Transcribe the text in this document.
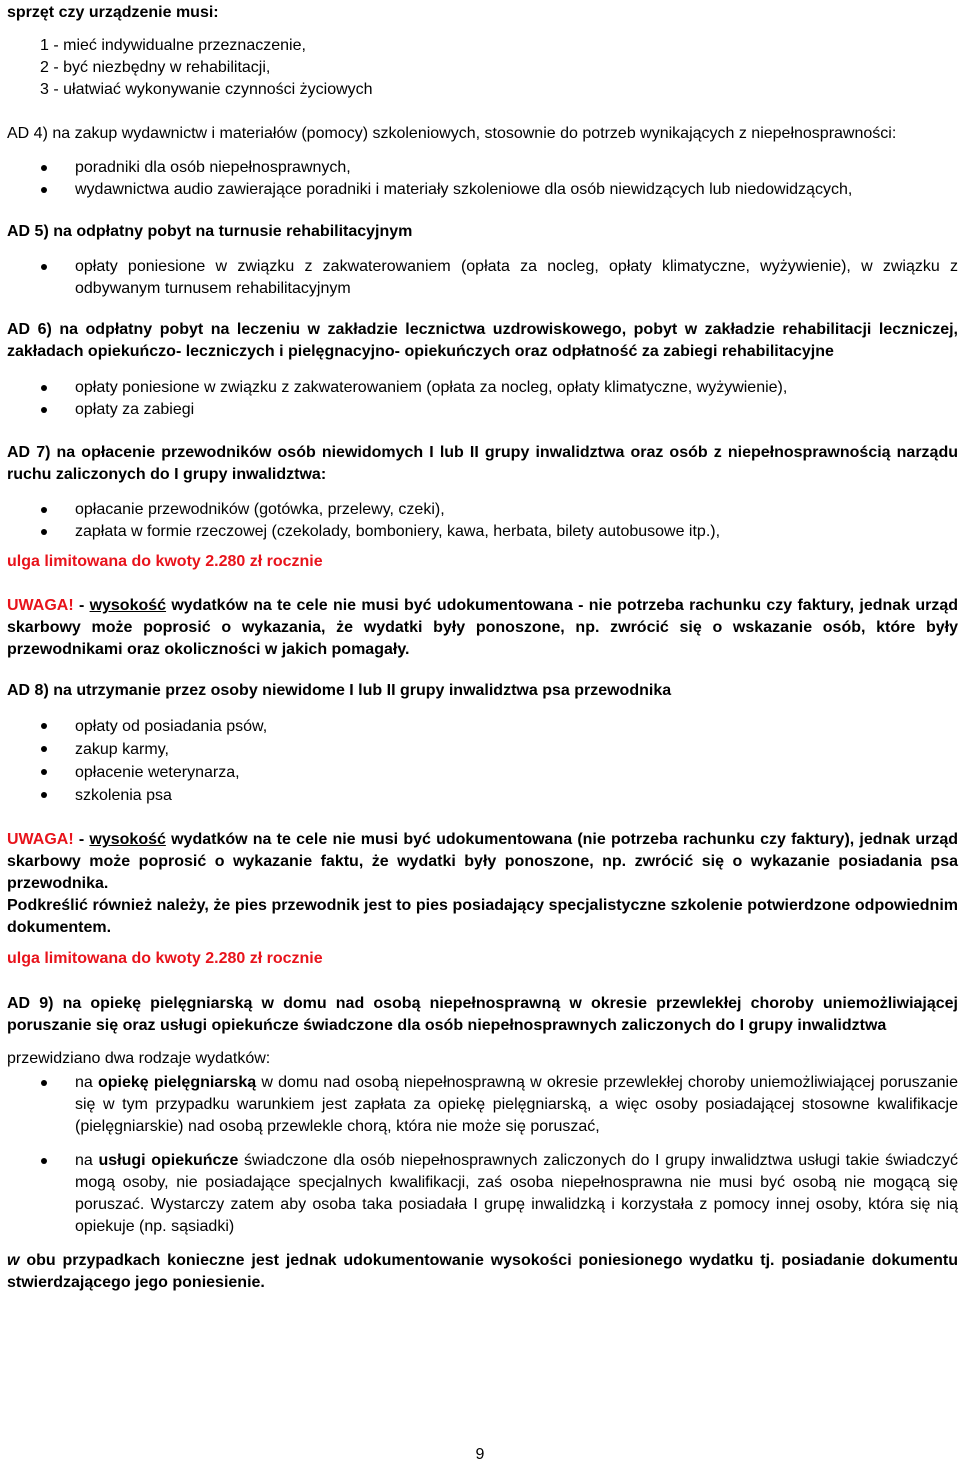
sprzęt czy urządzenie musi:

1 - mieć indywidualne przeznaczenie,

2 - być niezbędny w rehabilitacji,

3 - ułatwiać wykonywanie czynności życiowych

AD 4) na zakup wydawnictw i materiałów (pomocy) szkoleniowych, stosownie do potrzeb wynikających z niepełnosprawności:

poradniki dla osób niepełnosprawnych,
wydawnictwa audio zawierające poradniki i materiały szkoleniowe dla osób niewidzących lub niedowidzących,

AD 5) na odpłatny pobyt na turnusie rehabilitacyjnym

opłaty poniesione w związku z zakwaterowaniem (opłata za nocleg, opłaty klimatyczne, wyżywienie), w związku z odbywanym turnusem rehabilitacyjnym

AD 6) na odpłatny pobyt na leczeniu w zakładzie lecznictwa uzdrowiskowego, pobyt w zakładzie rehabilitacji leczniczej, zakładach opiekuńczo- leczniczych i pielęgnacyjno- opiekuńczych oraz odpłatność za zabiegi rehabilitacyjne

opłaty poniesione w związku z zakwaterowaniem (opłata za nocleg, opłaty klimatyczne, wyżywienie),
opłaty za zabiegi

AD 7) na opłacenie przewodników osób niewidomych I lub II grupy inwalidztwa oraz osób z niepełnosprawnością narządu ruchu zaliczonych do I grupy inwalidztwa:

opłacanie przewodników (gotówka, przelewy, czeki),
zapłata w formie rzeczowej (czekolady, bomboniery, kawa, herbata, bilety autobusowe itp.),

ulga limitowana do kwoty 2.280 zł rocznie

UWAGA! - wysokość wydatków na te cele nie musi być udokumentowana - nie potrzeba rachunku czy faktury, jednak urząd skarbowy może poprosić o wykazania, że wydatki były ponoszone, np. zwrócić się o wskazanie osób, które były przewodnikami oraz okoliczności w jakich pomagały.

AD 8) na utrzymanie przez osoby niewidome I lub II grupy inwalidztwa psa przewodnika

opłaty od posiadania psów,
zakup karmy,
opłacenie weterynarza,
szkolenia psa

UWAGA! - wysokość wydatków na te cele nie musi być udokumentowana (nie potrzeba rachunku czy faktury), jednak urząd skarbowy może poprosić o wykazanie faktu, że wydatki były ponoszone, np. zwrócić się o wykazanie posiadania psa przewodnika.

Podkreślić również należy, że pies przewodnik jest to pies posiadający specjalistyczne szkolenie potwierdzone odpowiednim dokumentem.

ulga limitowana do kwoty 2.280 zł rocznie

AD 9) na opiekę pielęgniarską w domu nad osobą niepełnosprawną w okresie przewlekłej choroby uniemożliwiającej poruszanie się oraz usługi opiekuńcze świadczone dla osób niepełnosprawnych zaliczonych do I grupy inwalidztwa

przewidziano dwa rodzaje wydatków:

na opiekę pielęgniarską w domu nad osobą niepełnosprawną w okresie przewlekłej choroby uniemożliwiającej poruszanie się w tym przypadku warunkiem jest zapłata za opiekę pielęgniarską, a więc osoby posiadającej stosowne kwalifikacje (pielęgniarskie) nad osobą przewlekle chorą, która nie może się poruszać,
na usługi opiekuńcze świadczone dla osób niepełnosprawnych zaliczonych do I grupy inwalidztwa usługi takie świadczyć mogą osoby, nie posiadające specjalnych kwalifikacji, zaś osoba niepełnosprawna nie musi być osobą nie mogącą się poruszać. Wystarczy zatem aby osoba taka posiadała I grupę inwalidzką i korzystała z pomocy innej osoby, która się nią opiekuje (np. sąsiadki)

w obu przypadkach konieczne jest jednak udokumentowanie wysokości poniesionego wydatku tj. posiadanie dokumentu stwierdzającego jego poniesienie.

9
